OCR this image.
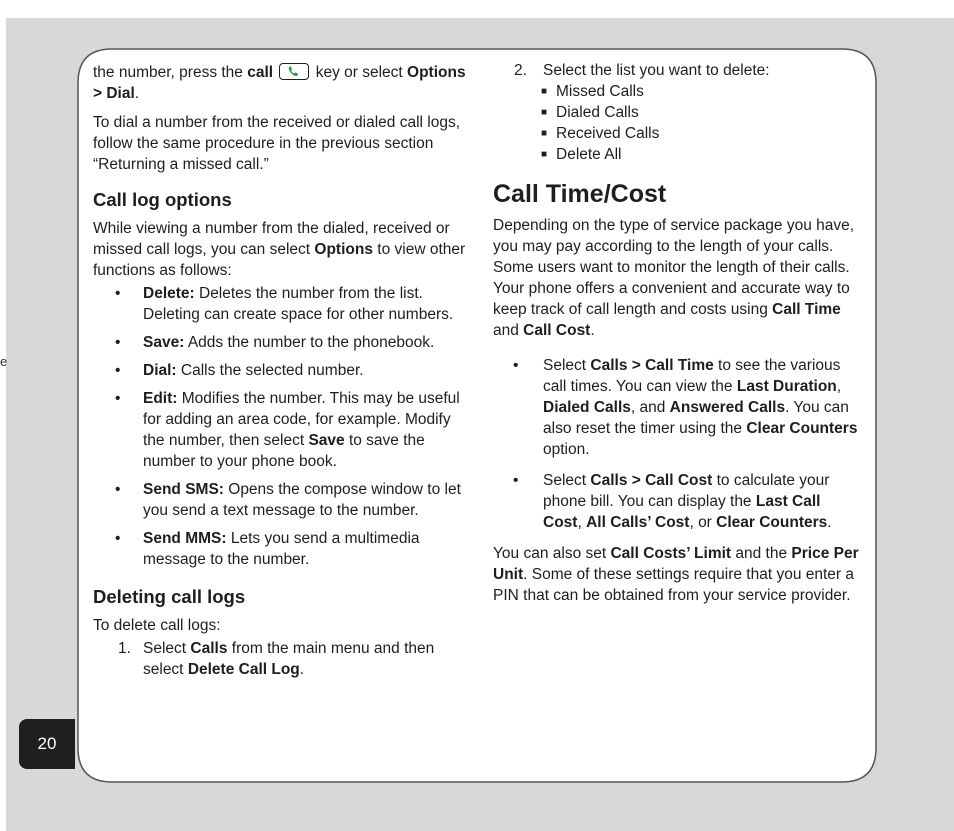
e
20

the number, press the call
key or select Options > Dial.

To dial a number from the received or dialed call logs, follow the same procedure in the previous section “Returning a missed call.”

Call log options

While viewing a number from the dialed, received or missed call logs, you can select Options to view other functions as follows:

• Delete: Deletes the number from the list. Deleting can create space for other numbers.
• Save: Adds the number to the phonebook.
• Dial: Calls the selected number.
• Edit: Modifies the number. This may be useful for adding an area code, for example. Modify the number, then select Save to save the number to your phone book.
• Send SMS: Opens the compose window to let you send a text message to the number.
• Send MMS: Lets you send a multimedia message to the number.
Deleting call logs

To delete call logs:

1. Select Calls from the main menu and then select Delete Call Log.
2. Select the list you want to delete:
■ Missed Calls
■ Dialed Calls
■ Received Calls
■ Delete All
Call Time/Cost

Depending on the type of service package you have, you may pay according to the length of your calls. Some users want to monitor the length of their calls. Your phone offers a convenient and accurate way to keep track of call length and costs using Call Time and Call Cost.

• Select Calls > Call Time to see the various call times. You can view the Last Duration, Dialed Calls, and Answered Calls. You can also reset the timer using the Clear Counters option.
• Select Calls > Call Cost to calculate your phone bill. You can display the Last Call Cost, All Calls’ Cost, or Clear Counters.

You can also set Call Costs’ Limit and the Price Per Unit. Some of these settings require that you enter a PIN that can be obtained from your service provider.
